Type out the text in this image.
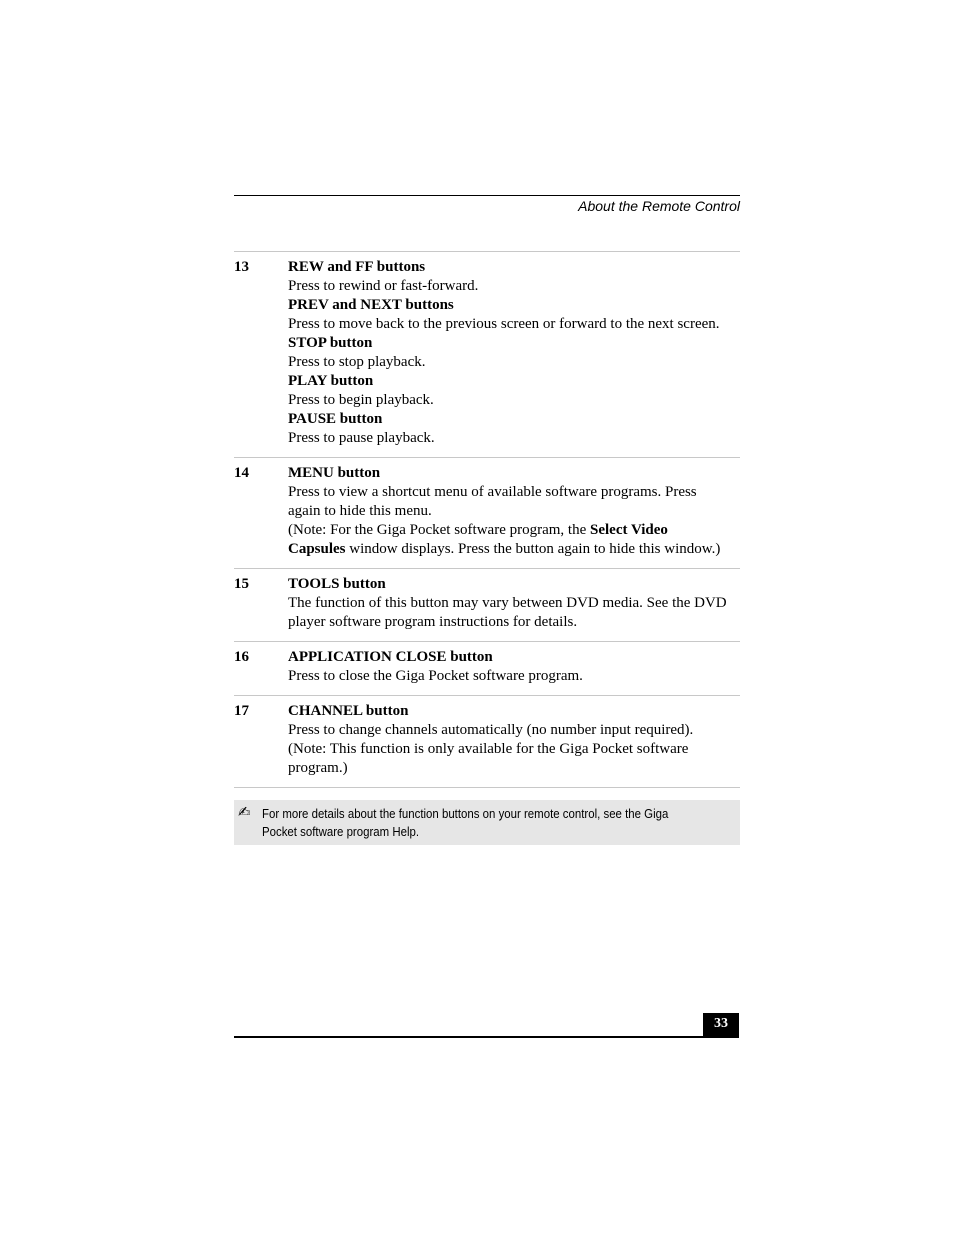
About the Remote Control
13	REW and FF buttons
Press to rewind or fast-forward.
PREV and NEXT buttons
Press to move back to the previous screen or forward to the next screen.
STOP button
Press to stop playback.
PLAY button
Press to begin playback.
PAUSE button
Press to pause playback.
14	MENU button
Press to view a shortcut menu of available software programs. Press
again to hide this menu.
(Note: For the Giga Pocket software program, the Select Video
Capsules window displays. Press the button again to hide this window.)
15	TOOLS button
The function of this button may vary between DVD media. See the DVD
player software program instructions for details.
16	APPLICATION CLOSE button
Press to close the Giga Pocket software program.
17	CHANNEL button
Press to change channels automatically (no number input required).
(Note: This function is only available for the Giga Pocket software
program.)
✍ For more details about the function buttons on your remote control, see the Giga
Pocket software program Help.
33
